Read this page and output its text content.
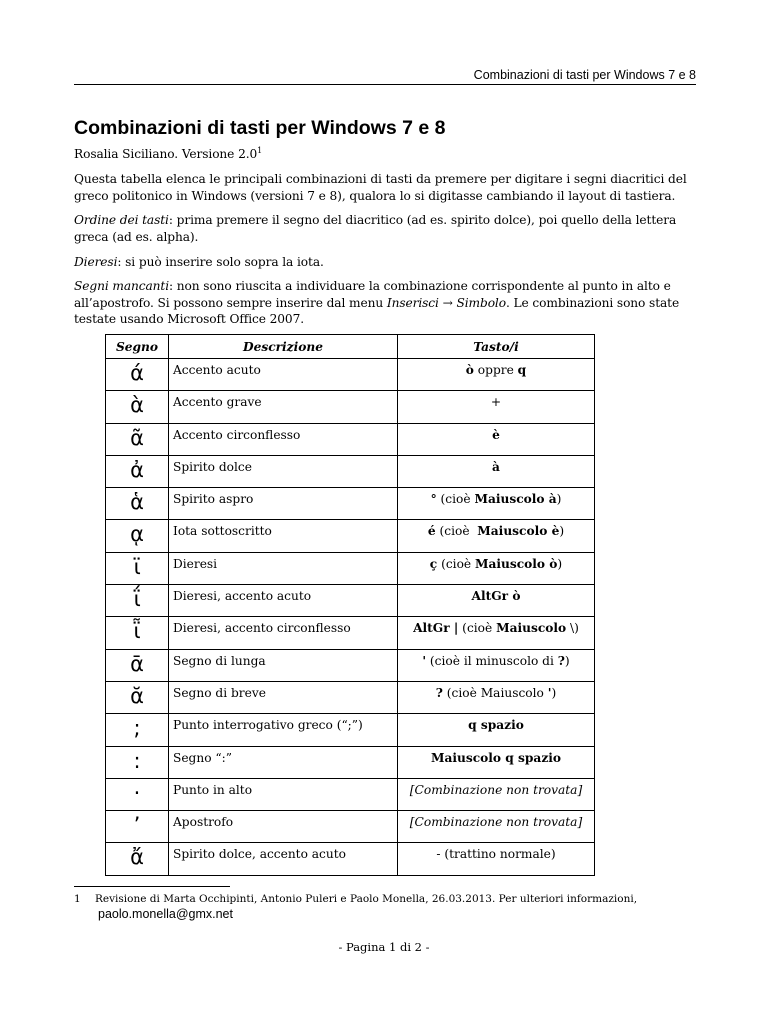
Combinazioni di tasti per Windows 7 e 8
Combinazioni di tasti per Windows 7 e 8
Rosalia Siciliano. Versione $2.0^1$

Questa tabella elenca le principali combinazioni di tasti da premere per digitare i segni diacritici del greco politonico in Windows (versioni 7 e 8), qualora lo si digitasse cambiando il layout di tastiera.

Ordine dei tasti: prima premere il segno del diacritico (ad es. spirito dolce), poi quello della lettera greca (ad es. alpha).

Dieresi: si può inserire solo sopra la iota.

Segni mancanti: non sono riuscita a individuare la combinazione corrispondente al punto in alto e all’apostrofo. Si possono sempre inserire dal menu Inserisci → Simbolo. Le combinazioni sono state testate usando Microsoft Office 2007.

Segno	Descrizione	Tasto/i
ά	Accento acuto	ò oppre q
ὰ	Accento grave	+
ᾶ	Accento circonflesso	è
ἀ	Spirito dolce	à
ἁ	Spirito aspro	° (cioè Maiuscolo à)
ᾳ	Iota sottoscritto	é (cioè  Maiuscolo è)
ϊ	Dieresi	ç (cioè Maiuscolo ò)
ΐ	Dieresi, accento acuto	AltGr ò
ῗ	Dieresi, accento circonflesso	AltGr | (cioè Maiuscolo \)
ᾱ	Segno di lunga	' (cioè il minuscolo di ?)
ᾰ	Segno di breve	? (cioè Maiuscolo ')
;	Punto interrogativo greco (“;”)	q spazio
:	Segno “:”	Maiuscolo q spazio
·	Punto in alto	[Combinazione non trovata]
’	Apostrofo	[Combinazione non trovata]
ἄ	Spirito dolce, accento acuto	- (trattino normale)
1 Revisione di Marta Occhipinti, Antonio Puleri e Paolo Monella, 26.03.2013. Per ulteriori informazioni,
paolo.monella@gmx.net
- Pagina 1 di 2 -
